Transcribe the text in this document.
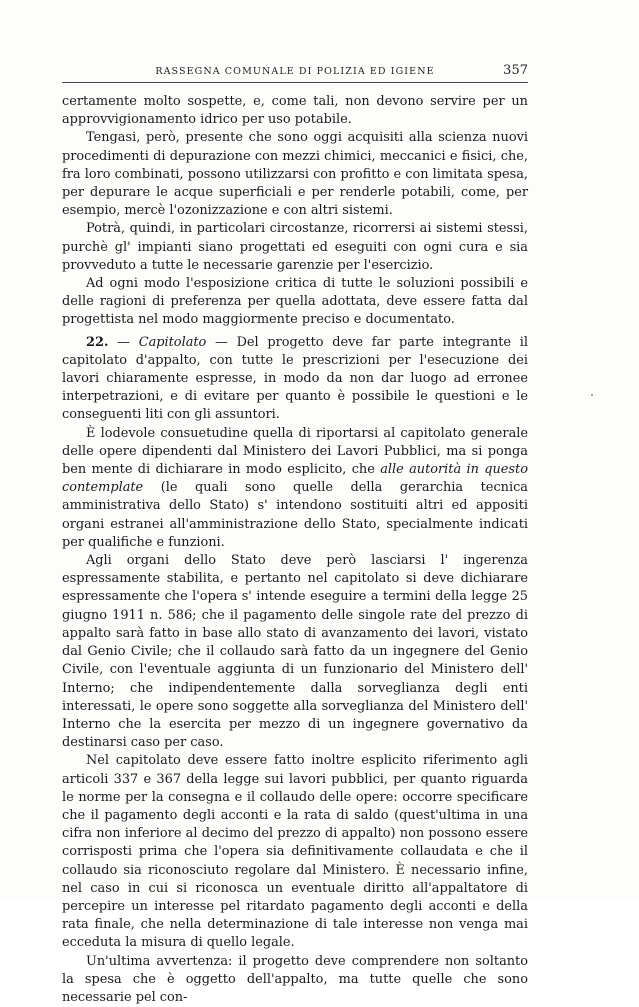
RASSEGNA COMUNALE DI POLIZIA ED IGIENE	357

certamente molto sospette, e, come tali, non devono servire per un approvvigionamento idrico per uso potabile.

Tengasi, però, presente che sono oggi acquisiti alla scienza nuovi procedimenti di depurazione con mezzi chimici, meccanici e fisici, che, fra loro combinati, possono utilizzarsi con profitto e con limitata spesa, per depurare le acque superficiali e per renderle potabili, come, per esempio, mercè l'ozonizzazione e con altri sistemi.

Potrà, quindi, in particolari circostanze, ricorrersi ai sistemi stessi, purchè gl' impianti siano progettati ed eseguiti con ogni cura e sia provveduto a tutte le necessarie garenzie per l'esercizio.

Ad ogni modo l'esposizione critica di tutte le soluzioni possibili e delle ragioni di preferenza per quella adottata, deve essere fatta dal progettista nel modo maggiormente preciso e documentato.

22. — Capitolato — Del progetto deve far parte integrante il capitolato d'appalto, con tutte le prescrizioni per l'esecuzione dei lavori chiaramente espresse, in modo da non dar luogo ad erronee interpetrazioni, e di evitare per quanto è possibile le questioni e le conseguenti liti con gli assuntori.

È lodevole consuetudine quella di riportarsi al capitolato generale delle opere dipendenti dal Ministero dei Lavori Pubblici, ma si ponga ben mente di dichiarare in modo esplicito, che alle autorità in questo contemplate (le quali sono quelle della gerarchia tecnica amministrativa dello Stato) s' intendono sostituiti altri ed appositi organi estranei all'amministrazione dello Stato, specialmente indicati per qualifiche e funzioni.

Agli organi dello Stato deve però lasciarsi l' ingerenza espressamente stabilita, e pertanto nel capitolato si deve dichiarare espressamente che l'opera s' intende eseguire a termini della legge 25 giugno 1911 n. 586; che il pagamento delle singole rate del prezzo di appalto sarà fatto in base allo stato di avanzamento dei lavori, vistato dal Genio Civile; che il collaudo sarà fatto da un ingegnere del Genio Civile, con l'eventuale aggiunta di un funzionario del Ministero dell' Interno; che indipendentemente dalla sorveglianza degli enti interessati, le opere sono soggette alla sorveglianza del Ministero dell' Interno che la esercita per mezzo di un ingegnere governativo da destinarsi caso per caso.

Nel capitolato deve essere fatto inoltre esplicito riferimento agli articoli 337 e 367 della legge sui lavori pubblici, per quanto riguarda le norme per la consegna e il collaudo delle opere: occorre specificare che il pagamento degli acconti e la rata di saldo (quest'ultima in una cifra non inferiore al decimo del prezzo di appalto) non possono essere corrisposti prima che l'opera sia definitivamente collaudata e che il collaudo sia riconosciuto regolare dal Ministero. È necessario infine, nel caso in cui si riconosca un eventuale diritto all'appaltatore di percepire un interesse pel ritardato pagamento degli acconti e della rata finale, che nella determinazione di tale interesse non venga mai ecceduta la misura di quello legale.

Un'ultima avvertenza: il progetto deve comprendere non soltanto la spesa che è oggetto dell'appalto, ma tutte quelle che sono necessarie pel con-
